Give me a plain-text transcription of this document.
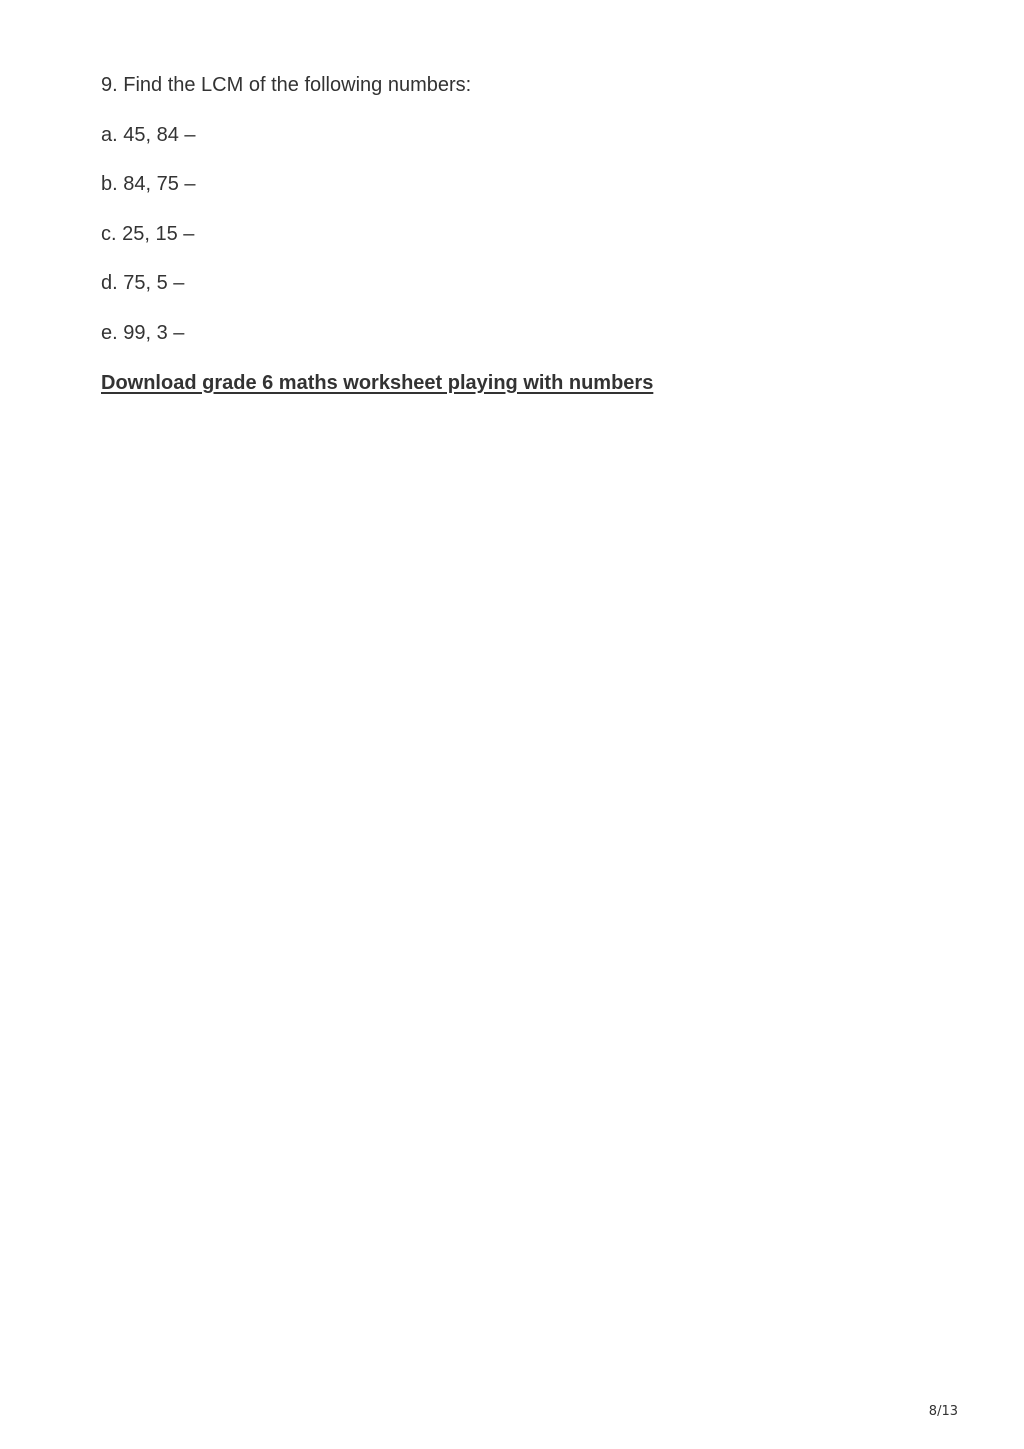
9. Find the LCM of the following numbers:
a. 45, 84 –
b. 84, 75 –
c. 25, 15 –
d. 75, 5 –
e. 99, 3 –
Download grade 6 maths worksheet playing with numbers
8/13
